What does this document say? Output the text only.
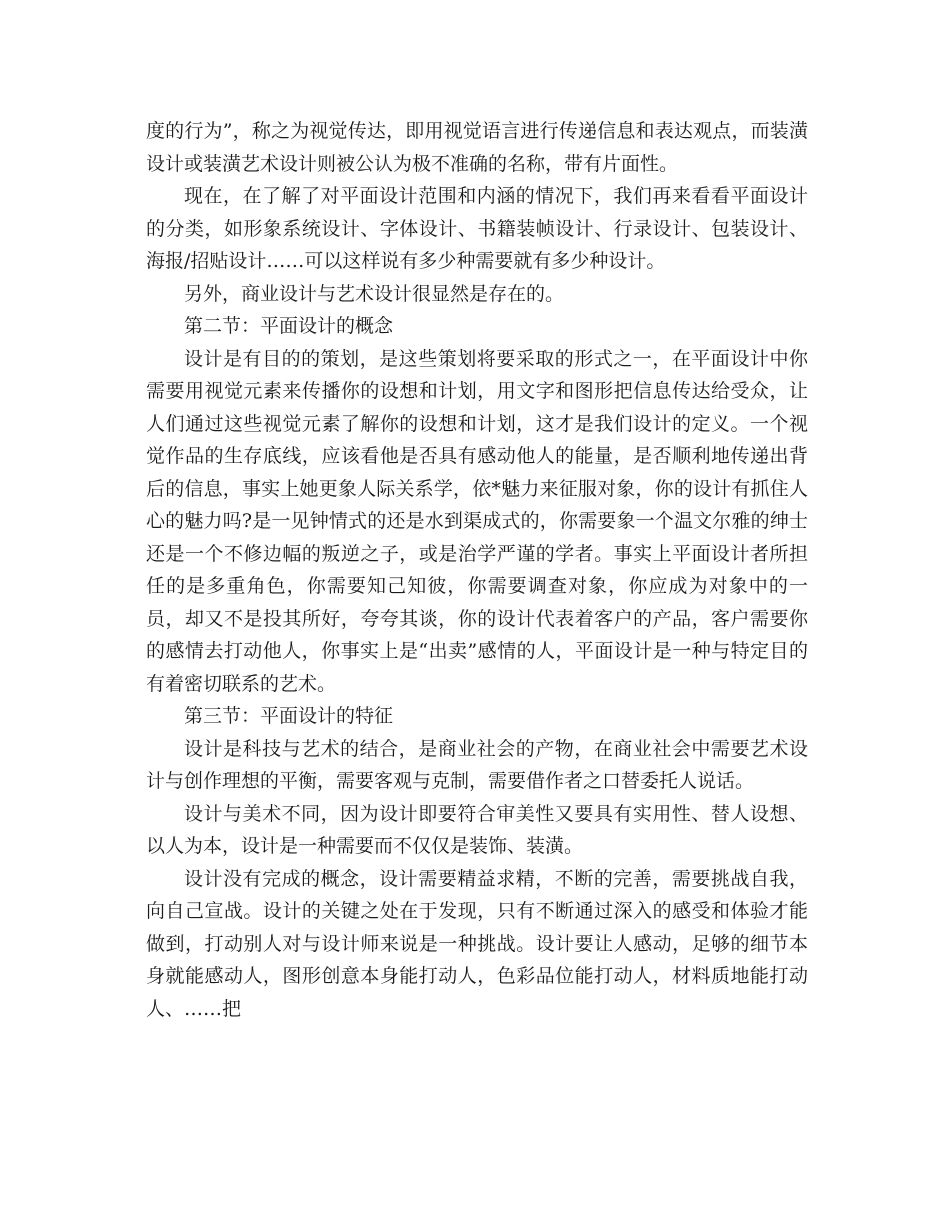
度的行为”，称之为视觉传达，即用视觉语言进行传递信息和表达观点，而装潢设计或装潢艺术设计则被公认为极不准确的名称，带有片面性。

现在，在了解了对平面设计范围和内涵的情况下，我们再来看看平面设计的分类，如形象系统设计、字体设计、书籍装帧设计、行录设计、包装设计、海报/招贴设计……可以这样说有多少种需要就有多少种设计。

另外，商业设计与艺术设计很显然是存在的。

第二节：平面设计的概念

设计是有目的的策划，是这些策划将要采取的形式之一，在平面设计中你需要用视觉元素来传播你的设想和计划，用文字和图形把信息传达给受众，让人们通过这些视觉元素了解你的设想和计划，这才是我们设计的定义。一个视觉作品的生存底线，应该看他是否具有感动他人的能量，是否顺利地传递出背后的信息，事实上她更象人际关系学，依*魅力来征服对象，你的设计有抓住人心的魅力吗?是一见钟情式的还是水到渠成式的，你需要象一个温文尔雅的绅士还是一个不修边幅的叛逆之子，或是治学严谨的学者。事实上平面设计者所担任的是多重角色，你需要知己知彼，你需要调查对象，你应成为对象中的一员，却又不是投其所好，夸夸其谈，你的设计代表着客户的产品，客户需要你的感情去打动他人，你事实上是“出卖”感情的人，平面设计是一种与特定目的有着密切联系的艺术。

第三节：平面设计的特征

设计是科技与艺术的结合，是商业社会的产物，在商业社会中需要艺术设计与创作理想的平衡，需要客观与克制，需要借作者之口替委托人说话。

设计与美术不同，因为设计即要符合审美性又要具有实用性、替人设想、以人为本，设计是一种需要而不仅仅是装饰、装潢。

设计没有完成的概念，设计需要精益求精，不断的完善，需要挑战自我，向自己宣战。设计的关键之处在于发现，只有不断通过深入的感受和体验才能做到，打动别人对与设计师来说是一种挑战。设计要让人感动，足够的细节本身就能感动人，图形创意本身能打动人，色彩品位能打动人，材料质地能打动人、……把
